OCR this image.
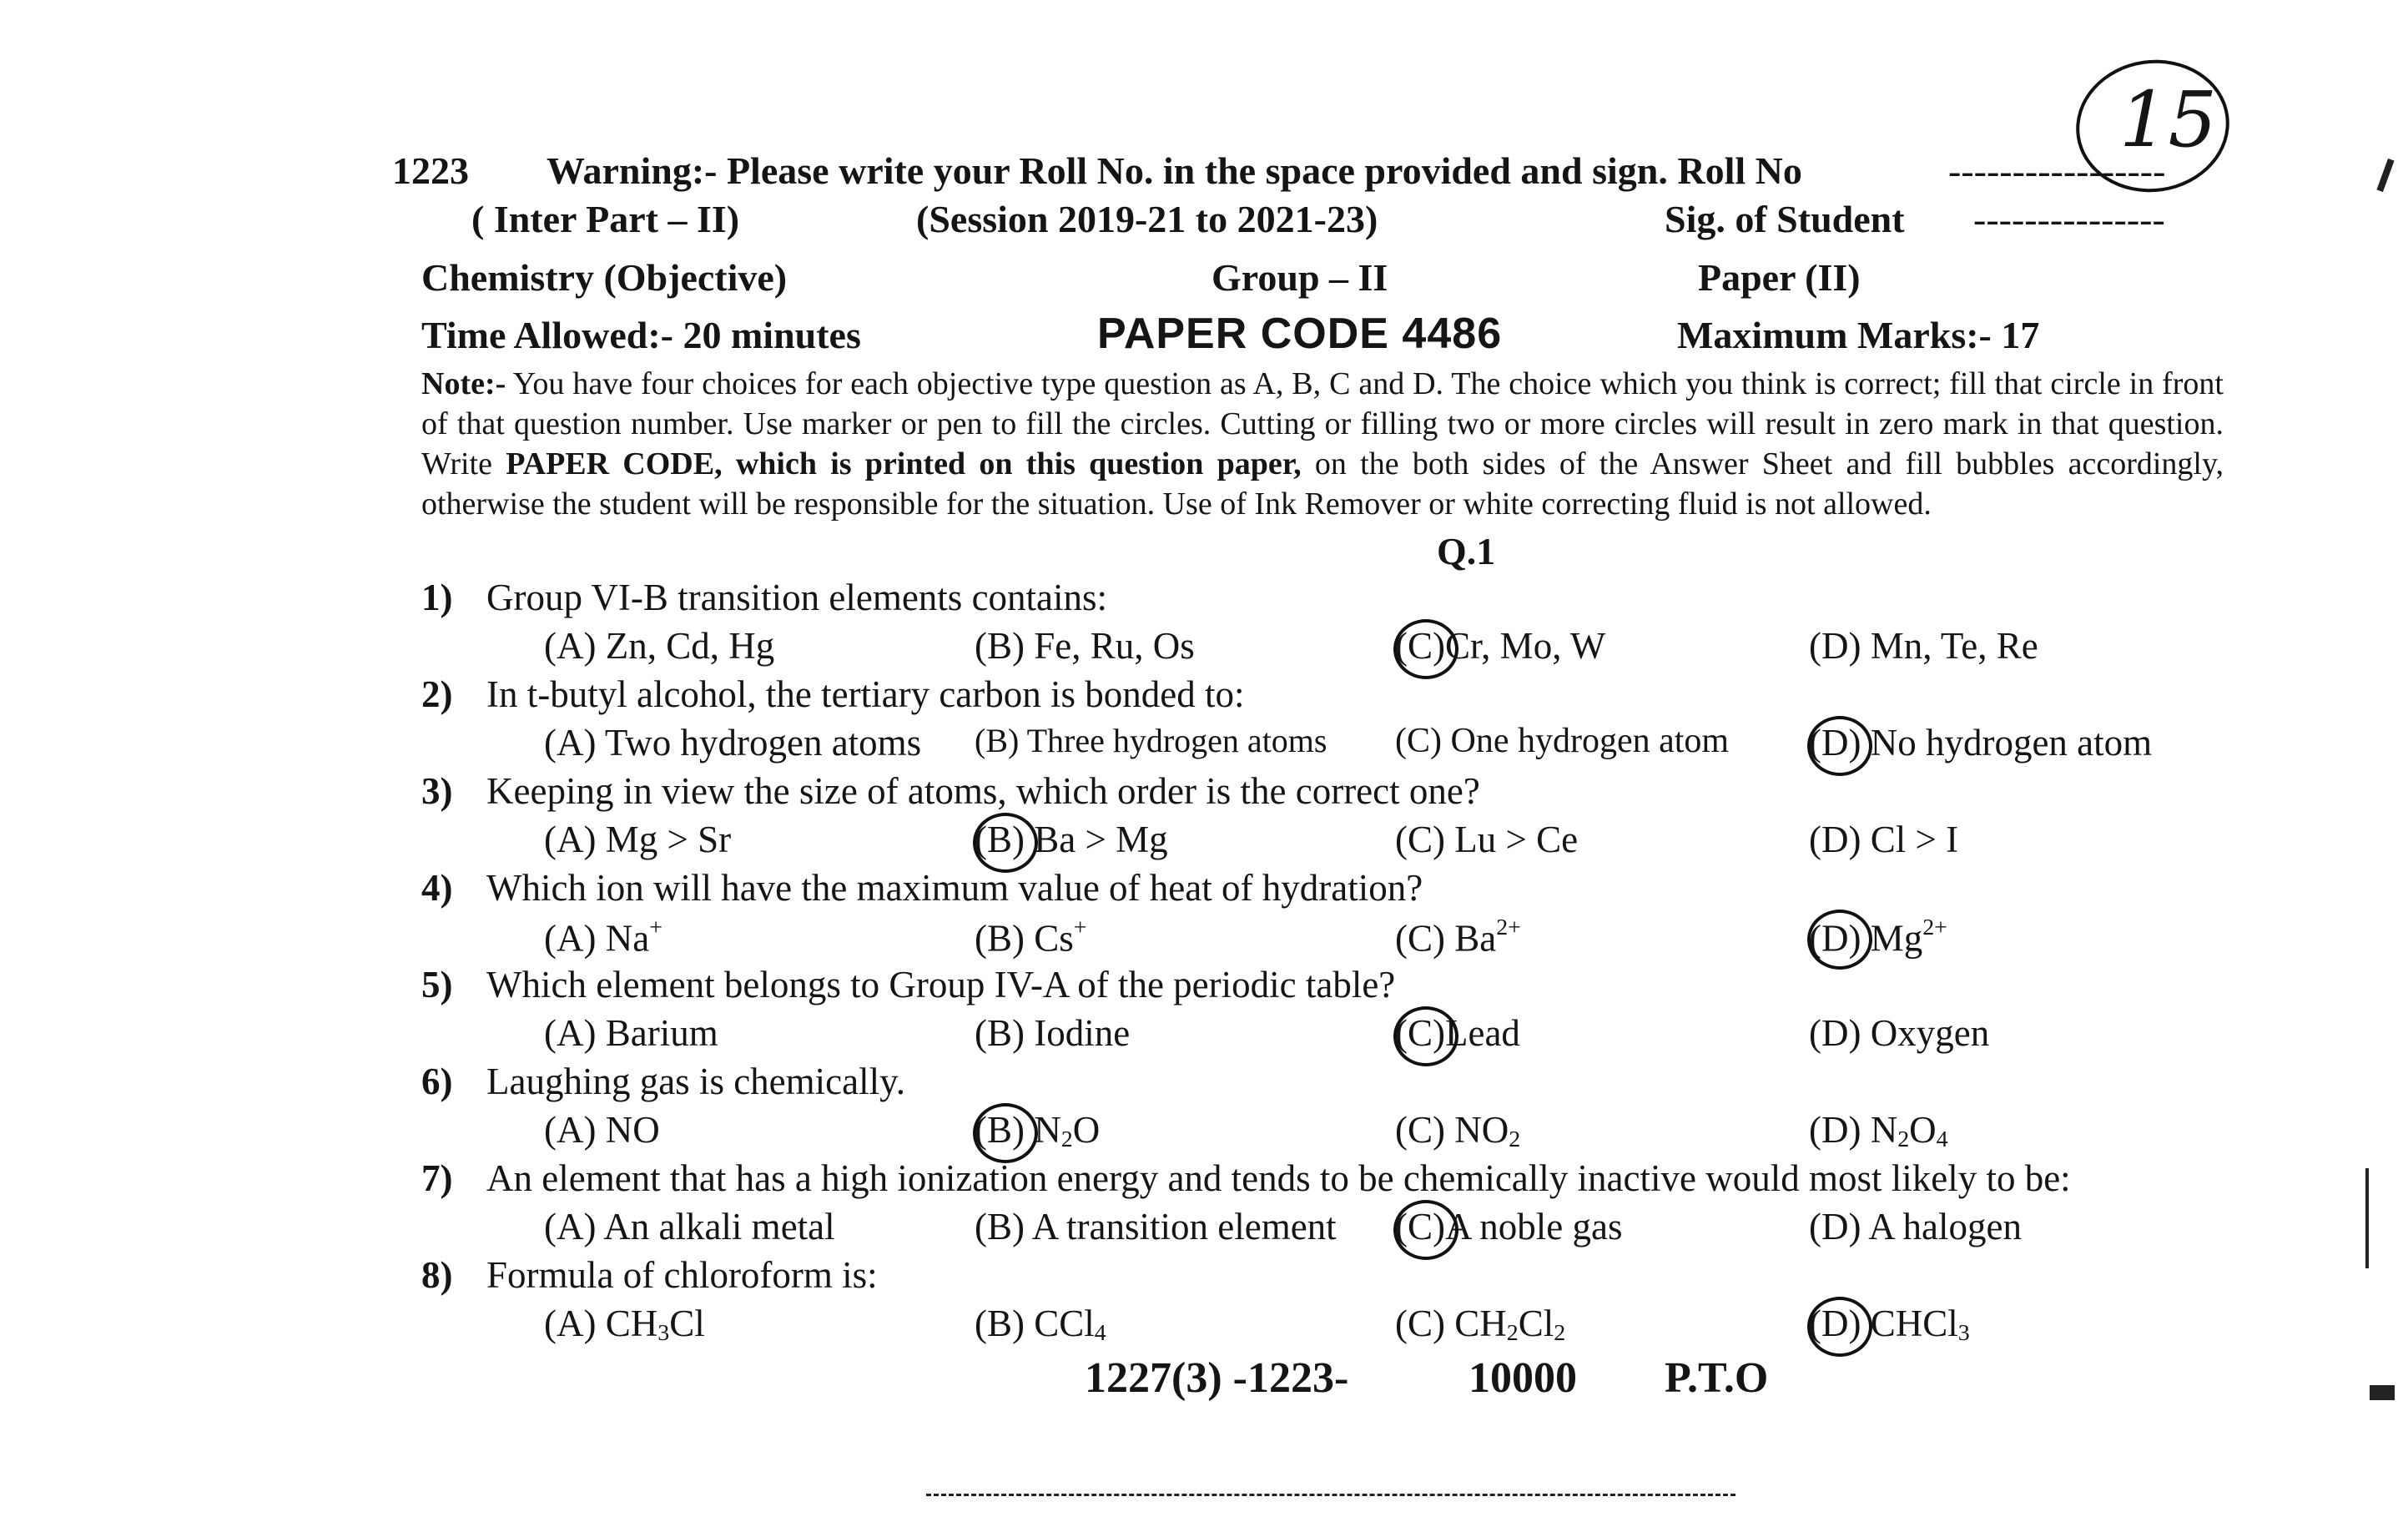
1223 Warning:- Please write your Roll No. in the space provided and sign. Roll No	-----------------
( Inter Part – II)	(Session 2019-21 to 2021-23)	Sig. of Student ---------------
Chemistry (Objective)	Group – II	Paper (II)
Time Allowed:- 20 minutes	PAPER CODE 4486	Maximum Marks:- 17
15
Note:- You have four choices for each objective type question as A, B, C and D. The choice which you think is correct; fill that circle in front of that question number. Use marker or pen to fill the circles. Cutting or filling two or more circles will result in zero mark in that question. Write PAPER CODE, which is printed on this question paper, on the both sides of the Answer Sheet and fill bubbles accordingly, otherwise the student will be responsible for the situation. Use of Ink Remover or white correcting fluid is not allowed.
Q.1
1) Group VI-B transition elements contains:
(A) Zn, Cd, Hg	(B) Fe, Ru, Os	(C)Cr, Mo, W	(D) Mn, Te, Re
2) In t-butyl alcohol, the tertiary carbon is bonded to:
(A) Two hydrogen atoms (B) Three hydrogen atoms (C) One hydrogen atom (D) No hydrogen atom
3) Keeping in view the size of atoms, which order is the correct one?
(A) Mg > Sr	(B) Ba > Mg	(C) Lu > Ce	(D) Cl > I
4) Which ion will have the maximum value of heat of hydration?
(A) Na+	(B) Cs+	(C) $Ba^{2+}$	(D) $Mg^{2+}$
5) Which element belongs to Group IV-A of the periodic table?
(A) Barium	(B) Iodine	(C)Lead	(D) Oxygen
6) Laughing gas is chemically.
(A) NO	(B) N2O	(C) NO2	(D) N2O4
7) An element that has a high ionization energy and tends to be chemically inactive would most likely to be:
(A) An alkali metal	(B) A transition element (C)A noble gas	(D) A halogen
8) Formula of chloroform is:
(A) CH3Cl	(B) CCl4	(C) CH2Cl2	(D) CHCl3
1227(3) -1223-	10000 P.T.O
